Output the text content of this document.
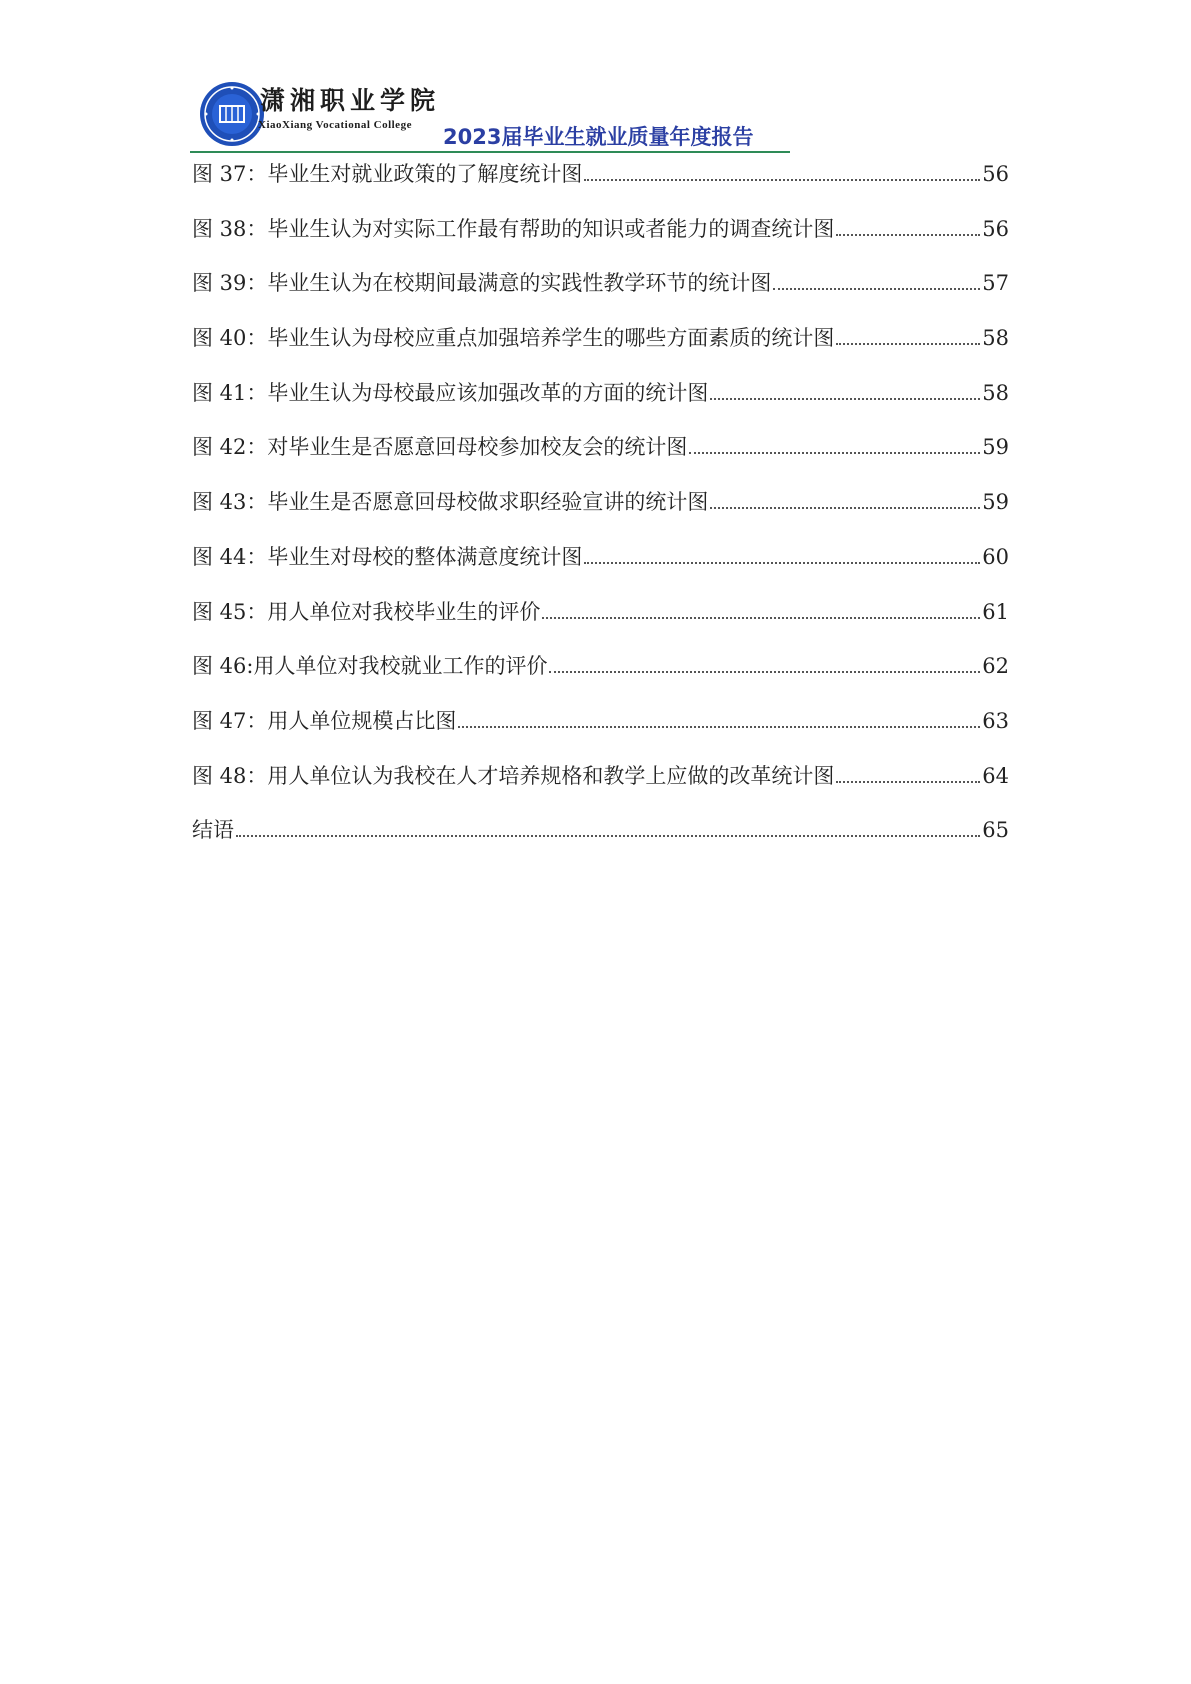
潇湘职业学院
XiaoXiang Vocational College 2023届毕业生就业质量年度报告
图 37：毕业生对就业政策的了解度统计图	56
图 38：毕业生认为对实际工作最有帮助的知识或者能力的调查统计图	56
图 39：毕业生认为在校期间最满意的实践性教学环节的统计图	57
图 40：毕业生认为母校应重点加强培养学生的哪些方面素质的统计图	58
图 41：毕业生认为母校最应该加强改革的方面的统计图	58
图 42：对毕业生是否愿意回母校参加校友会的统计图	59
图 43：毕业生是否愿意回母校做求职经验宣讲的统计图	59
图 44：毕业生对母校的整体满意度统计图	60
图 45：用人单位对我校毕业生的评价	61
图 46:用人单位对我校就业工作的评价	62
图 47：用人单位规模占比图	63
图 48：用人单位认为我校在人才培养规格和教学上应做的改革统计图	64
结语	65
